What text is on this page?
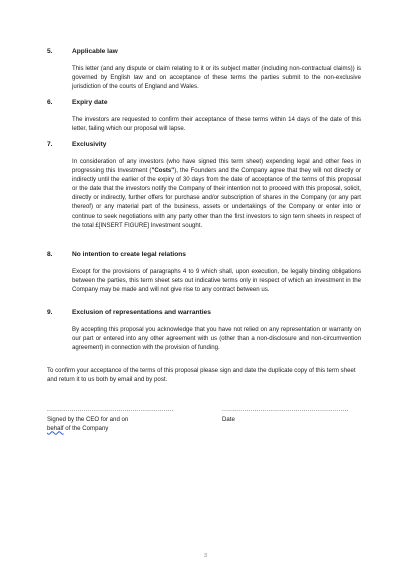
5.	Applicable law
This letter (and any dispute or claim relating to it or its subject matter (including non-contractual claims)) is governed by English law and on acceptance of these terms the parties submit to the non-exclusive jurisdiction of the courts of England and Wales.
6.	Expiry date
The investors are requested to confirm their acceptance of these terms within 14 days of the date of this letter, failing which our proposal will lapse.
7.	Exclusivity
In consideration of any investors (who have signed this term sheet) expending legal and other fees in progressing this Investment ("Costs"), the Founders and the Company agree that they will not directly or indirectly until the earlier of the expiry of 30 days from the date of acceptance of the terms of this proposal or the date that the investors notify the Company of their intention not to proceed with this proposal, solicit, directly or indirectly, further offers for purchase and/or subscription of shares in the Company (or any part thereof) or any material part of the business, assets or undertakings of the Company or enter into or continue to seek negotiations with any party other than the first investors to sign term sheets in respect of the total £[INSERT FIGURE] Investment sought.
8.	No intention to create legal relations
Except for the provisions of paragraphs 4 to 9 which shall, upon execution, be legally binding obligations between the parties, this term sheet sets out indicative terms only in respect of which an investment in the Company may be made and will not give rise to any contract between us.
9.	Exclusion of representations and warranties
By accepting this proposal you acknowledge that you have not relied on any representation or warranty on our part or entered into any other agreement with us (other than a non-disclosure and non-circumvention agreement) in connection with the provision of funding.
To confirm your acceptance of the terms of this proposal please sign and date the duplicate copy of this term sheet and return it to us both by email and by post.
..............................................................	..............................................................
Signed by the CEO for and on
behalf of the Company
Date
3
